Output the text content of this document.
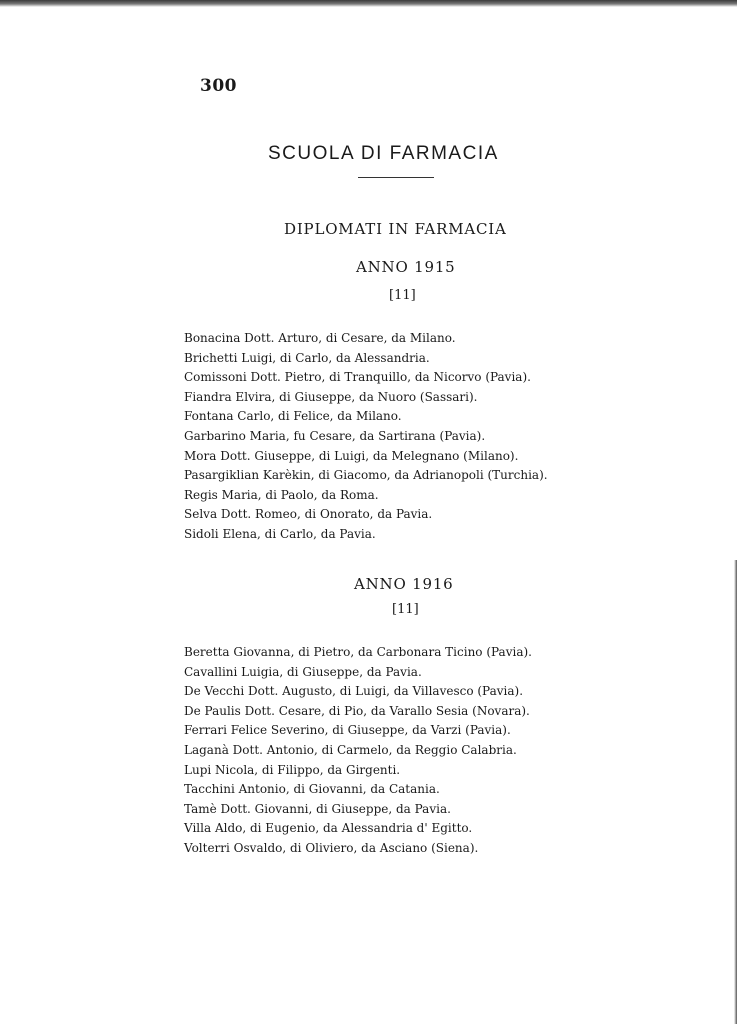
300
SCUOLA DI FARMACIA
DIPLOMATI IN FARMACIA
ANNO 1915
[11]
Bonacina Dott. Arturo, di Cesare, da Milano.
Brichetti Luigi, di Carlo, da Alessandria.
Comissoni Dott. Pietro, di Tranquillo, da Nicorvo (Pavia).
Fiandra Elvira, di Giuseppe, da Nuoro (Sassari).
Fontana Carlo, di Felice, da Milano.
Garbarino Maria, fu Cesare, da Sartirana (Pavia).
Mora Dott. Giuseppe, di Luigi, da Melegnano (Milano).
Pasargiklian Karèkin, di Giacomo, da Adrianopoli (Turchia).
Regis Maria, di Paolo, da Roma.
Selva Dott. Romeo, di Onorato, da Pavia.
Sidoli Elena, di Carlo, da Pavia.
ANNO 1916
[11]
Beretta Giovanna, di Pietro, da Carbonara Ticino (Pavia).
Cavallini Luigia, di Giuseppe, da Pavia.
De Vecchi Dott. Augusto, di Luigi, da Villavesco (Pavia).
De Paulis Dott. Cesare, di Pio, da Varallo Sesia (Novara).
Ferrari Felice Severino, di Giuseppe, da Varzi (Pavia).
Laganà Dott. Antonio, di Carmelo, da Reggio Calabria.
Lupi Nicola, di Filippo, da Girgenti.
Tacchini Antonio, di Giovanni, da Catania.
Tamè Dott. Giovanni, di Giuseppe, da Pavia.
Villa Aldo, di Eugenio, da Alessandria d' Egitto.
Volterri Osvaldo, di Oliviero, da Asciano (Siena).
